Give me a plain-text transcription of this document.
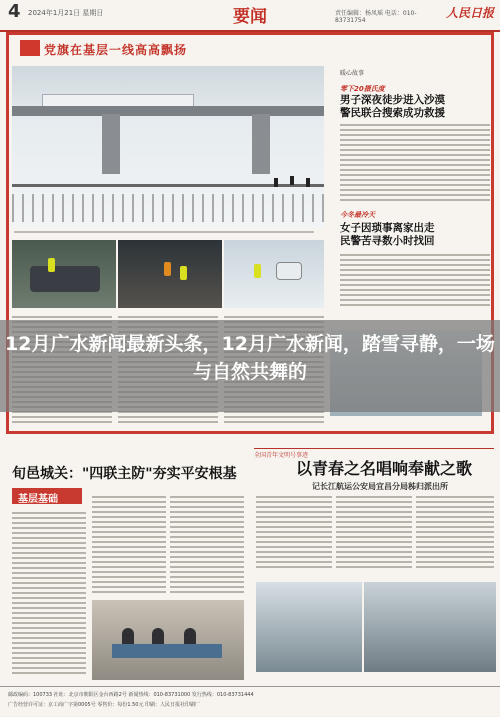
4 2024年1月21日 星期日	要闻	责任编辑：杨凤瑶 电话：010-83731754
人民日报
党旗在基层一线高高飘扬
暖心故事
零下20摄氏度
男子深夜徒步进入沙漠
警民联合搜索成功救援
今冬最冷天
女子因琐事离家出走
民警苦寻数小时找回
12月广水新闻最新头条，12月广水新闻，踏雪寻静，一场与自然共舞的
全国青年文明号事迹
旬邑城关："四联主防"夯实平安根基
基层基础
以青春之名唱响奉献之歌
记长江航运公安局宜昌分局秭归派出所
邮政编码：100733 社址：北京市朝阳区金台西路2号 新闻热线：010-83731000 发行热线：010-83731444
广告经营许可证：京工商广字第0005号 零售价：每份1.50元 印刷：人民日报社印刷厂
